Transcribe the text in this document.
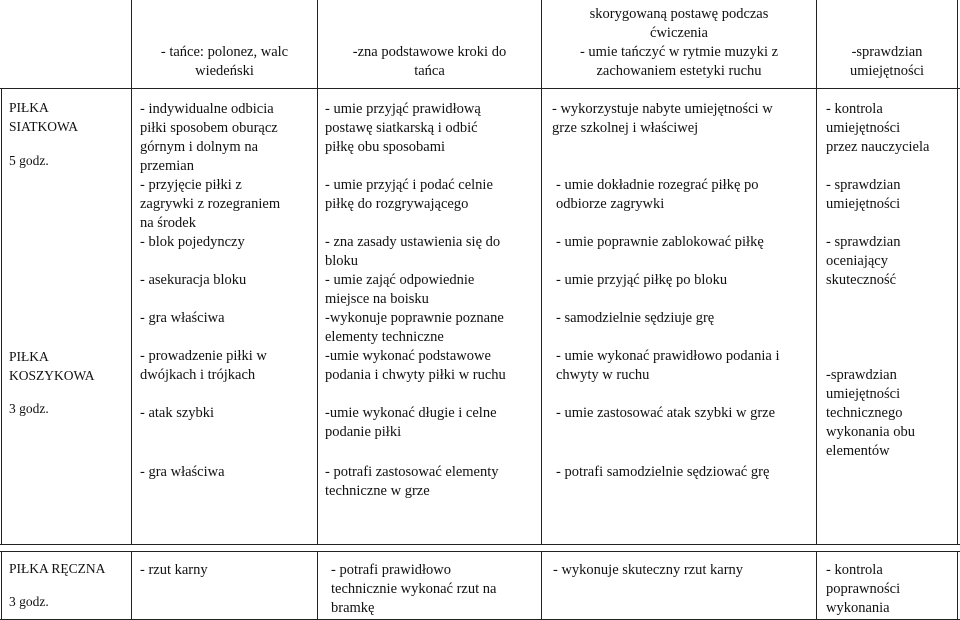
- tańce: polonez, walc
wiedeński
-zna podstawowe kroki do
tańca
skorygowaną postawę podczas
ćwiczenia
- umie tańczyć w rytmie muzyki z
zachowaniem estetyki ruchu
-sprawdzian
umiejętności
PIŁKA
SIATKOWA
5 godz.
PIŁKA
KOSZYKOWA
3 godz.
- indywidualne odbicia
piłki sposobem oburącz
górnym i dolnym na
przemian
- przyjęcie piłki z
zagrywki z rozegraniem
na środek
- blok pojedynczy
- asekuracja bloku
- gra właściwa
- prowadzenie piłki w
dwójkach i trójkach
- atak szybki
- gra właściwa
- umie przyjąć prawidłową
postawę siatkarską i odbić
piłkę obu sposobami
- umie przyjąć i podać celnie
piłkę do rozgrywającego
- zna zasady ustawienia się do
bloku
- umie zająć odpowiednie
miejsce na boisku
-wykonuje poprawnie poznane
elementy techniczne
-umie wykonać podstawowe
podania i chwyty piłki w ruchu
-umie wykonać długie i celne
podanie piłki
- potrafi zastosować elementy
techniczne w grze
- wykorzystuje nabyte umiejętności w
grze szkolnej i właściwej
- umie dokładnie rozegrać piłkę po
odbiorze zagrywki
- umie poprawnie zablokować piłkę
- umie przyjąć piłkę po bloku
- samodzielnie sędziuje grę
- umie wykonać prawidłowo podania i
chwyty w ruchu
- umie zastosować atak szybki w grze
- potrafi samodzielnie sędziować grę
- kontrola
umiejętności
przez nauczyciela
- sprawdzian
umiejętności
- sprawdzian
oceniający
skuteczność
-sprawdzian
umiejętności
technicznego
wykonania obu
elementów
PIŁKA RĘCZNA
3 godz.
- rzut karny	- potrafi prawidłowo
technicznie wykonać rzut na
bramkę
- wykonuje skuteczny rzut karny	- kontrola
poprawności
wykonania
